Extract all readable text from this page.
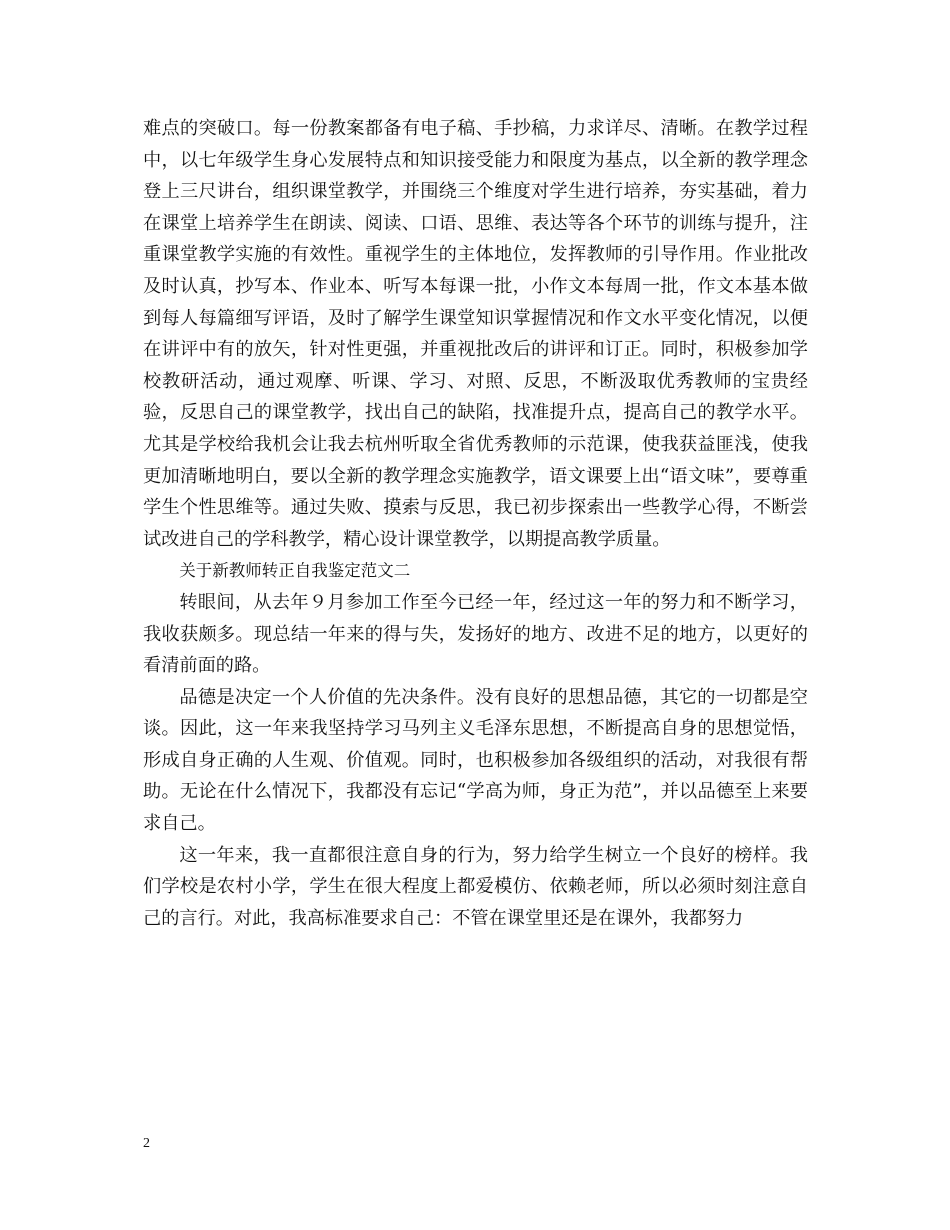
难点的突破口。每一份教案都备有电子稿、手抄稿，力求详尽、清晰。在教学过程中，以七年级学生身心发展特点和知识接受能力和限度为基点，以全新的教学理念登上三尺讲台，组织课堂教学，并围绕三个维度对学生进行培养，夯实基础，着力在课堂上培养学生在朗读、阅读、口语、思维、表达等各个环节的训练与提升，注重课堂教学实施的有效性。重视学生的主体地位，发挥教师的引导作用。作业批改及时认真，抄写本、作业本、听写本每课一批，小作文本每周一批，作文本基本做到每人每篇细写评语，及时了解学生课堂知识掌握情况和作文水平变化情况，以便在讲评中有的放矢，针对性更强，并重视批改后的讲评和订正。同时，积极参加学校教研活动，通过观摩、听课、学习、对照、反思，不断汲取优秀教师的宝贵经验，反思自己的课堂教学，找出自己的缺陷，找准提升点，提高自己的教学水平。尤其是学校给我机会让我去杭州听取全省优秀教师的示范课，使我获益匪浅，使我更加清晰地明白，要以全新的教学理念实施教学，语文课要上出“语文味”，要尊重学生个性思维等。通过失败、摸索与反思，我已初步探索出一些教学心得，不断尝试改进自己的学科教学，精心设计课堂教学，以期提高教学质量。

关于新教师转正自我鉴定范文二

转眼间，从去年９月参加工作至今已经一年，经过这一年的努力和不断学习，我收获颇多。现总结一年来的得与失，发扬好的地方、改进不足的地方，以更好的看清前面的路。

品德是决定一个人价值的先决条件。没有良好的思想品德，其它的一切都是空谈。因此，这一年来我坚持学习马列主义毛泽东思想，不断提高自身的思想觉悟，形成自身正确的人生观、价值观。同时，也积极参加各级组织的活动，对我很有帮助。无论在什么情况下，我都没有忘记“学高为师，身正为范”，并以品德至上来要求自己。

这一年来，我一直都很注意自身的行为，努力给学生树立一个良好的榜样。我们学校是农村小学，学生在很大程度上都爱模仿、依赖老师，所以必须时刻注意自己的言行。对此，我高标准要求自己：不管在课堂里还是在课外，我都努力

2
